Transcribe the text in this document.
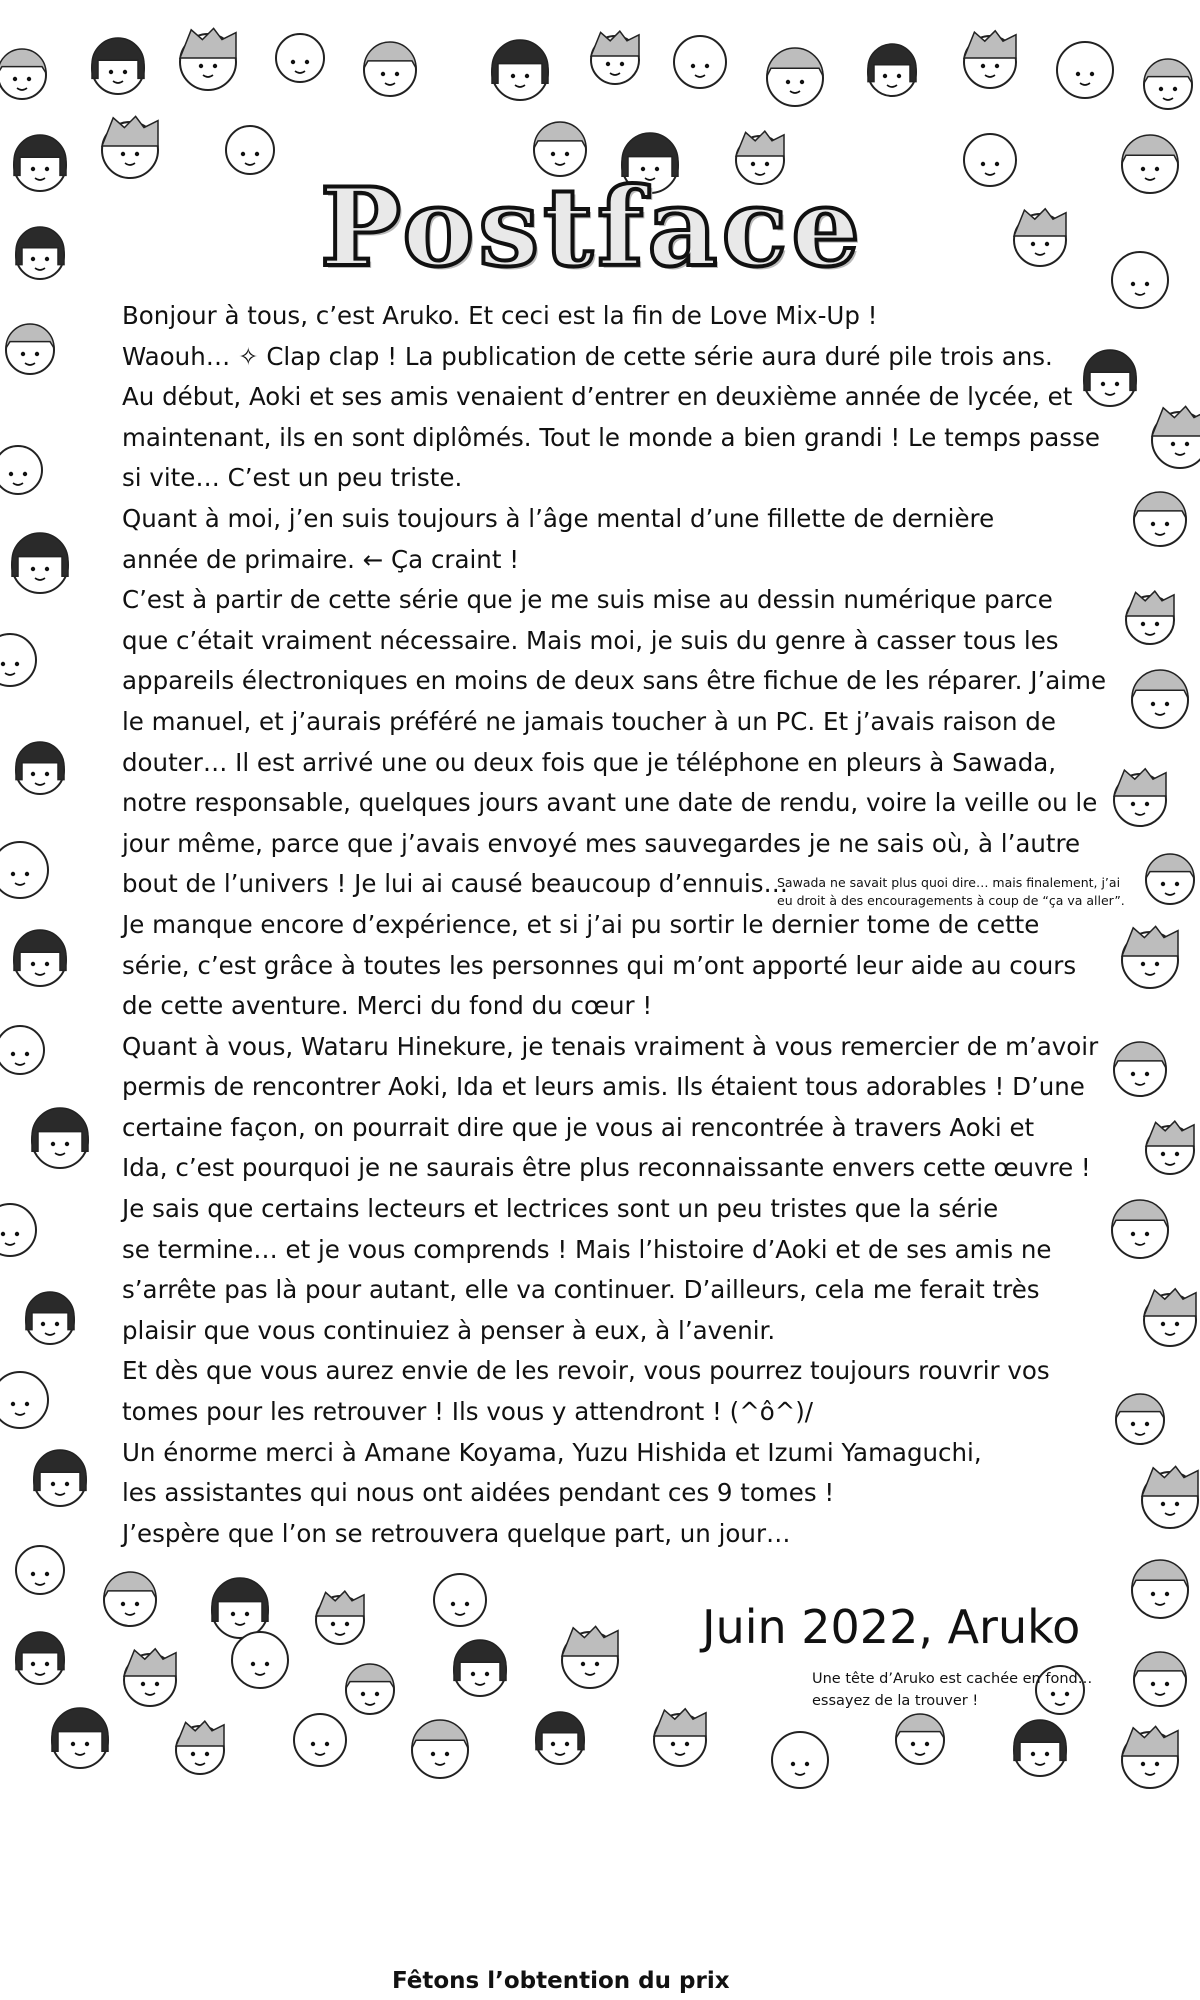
Postface
Bonjour à tous, c’est Aruko. Et ceci est la fin de Love Mix-Up !
Waouh… ✧ Clap clap ! La publication de cette série aura duré pile trois ans.
Au début, Aoki et ses amis venaient d’entrer en deuxième année de lycée, et
maintenant, ils en sont diplômés. Tout le monde a bien grandi ! Le temps passe
si vite… C’est un peu triste.
Quant à moi, j’en suis toujours à l’âge mental d’une fillette de dernière
année de primaire. ← Ça craint !
C’est à partir de cette série que je me suis mise au dessin numérique parce
que c’était vraiment nécessaire. Mais moi, je suis du genre à casser tous les
appareils électroniques en moins de deux sans être fichue de les réparer. J’aime
le manuel, et j’aurais préféré ne jamais toucher à un PC. Et j’avais raison de
douter… Il est arrivé une ou deux fois que je téléphone en pleurs à Sawada,
notre responsable, quelques jours avant une date de rendu, voire la veille ou le
jour même, parce que j’avais envoyé mes sauvegardes je ne sais où, à l’autre
bout de l’univers ! Je lui ai causé beaucoup d’ennuis…
Je manque encore d’expérience, et si j’ai pu sortir le dernier tome de cette
série, c’est grâce à toutes les personnes qui m’ont apporté leur aide au cours
de cette aventure. Merci du fond du cœur !
Quant à vous, Wataru Hinekure, je tenais vraiment à vous remercier de m’avoir
permis de rencontrer Aoki, Ida et leurs amis. Ils étaient tous adorables ! D’une
certaine façon, on pourrait dire que je vous ai rencontrée à travers Aoki et
Ida, c’est pourquoi je ne saurais être plus reconnaissante envers cette œuvre !
Je sais que certains lecteurs et lectrices sont un peu tristes que la série
se termine… et je vous comprends ! Mais l’histoire d’Aoki et de ses amis ne
s’arrête pas là pour autant, elle va continuer. D’ailleurs, cela me ferait très
plaisir que vous continuiez à penser à eux, à l’avenir.
Et dès que vous aurez envie de les revoir, vous pourrez toujours rouvrir vos
tomes pour les retrouver ! Ils vous y attendront ! (^ô^)/
Un énorme merci à Amane Koyama, Yuzu Hishida et Izumi Yamaguchi,
les assistantes qui nous ont aidées pendant ces 9 tomes !
J’espère que l’on se retrouvera quelque part, un jour…
Sawada ne savait plus quoi dire… mais finalement, j’ai
eu droit à des encouragements à coup de “ça va aller”.
Juin 2022, Aruko
Une tête d’Aruko est cachée en fond…
essayez de la trouver !
Fêtons l’obtention du prix
